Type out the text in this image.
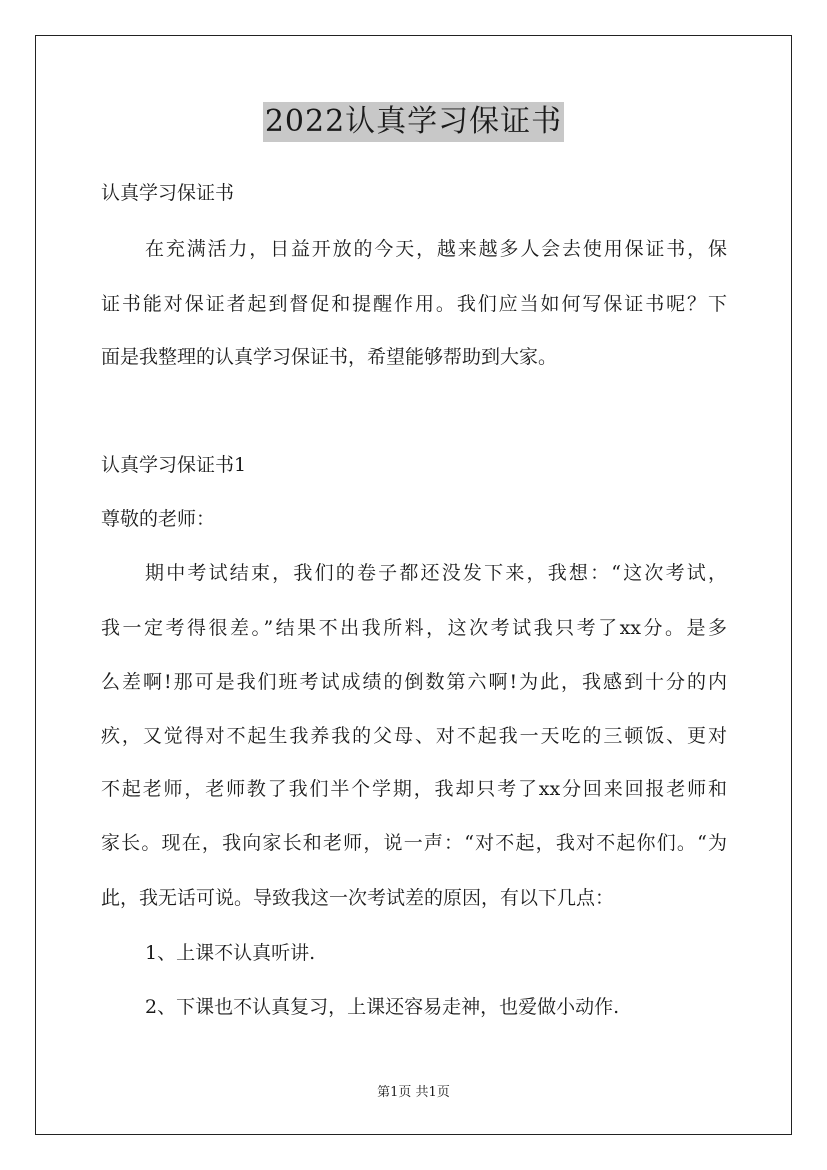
2022认真学习保证书
认真学习保证书
在充满活力，日益开放的今天，越来越多人会去使用保证书，保
证书能对保证者起到督促和提醒作用。我们应当如何写保证书呢？下
面是我整理的认真学习保证书，希望能够帮助到大家。
认真学习保证书1
尊敬的老师：
期中考试结束，我们的卷子都还没发下来，我想：“这次考试，
我一定考得很差。”结果不出我所料，这次考试我只考了xx分。是多
么差啊!那可是我们班考试成绩的倒数第六啊!为此，我感到十分的内
疚，又觉得对不起生我养我的父母、对不起我一天吃的三顿饭、更对
不起老师，老师教了我们半个学期，我却只考了xx分回来回报老师和
家长。现在，我向家长和老师，说一声：“对不起，我对不起你们。“为
此，我无话可说。导致我这一次考试差的原因，有以下几点：
1、上课不认真听讲.
2、下课也不认真复习，上课还容易走神，也爱做小动作.
第1页 共1页
